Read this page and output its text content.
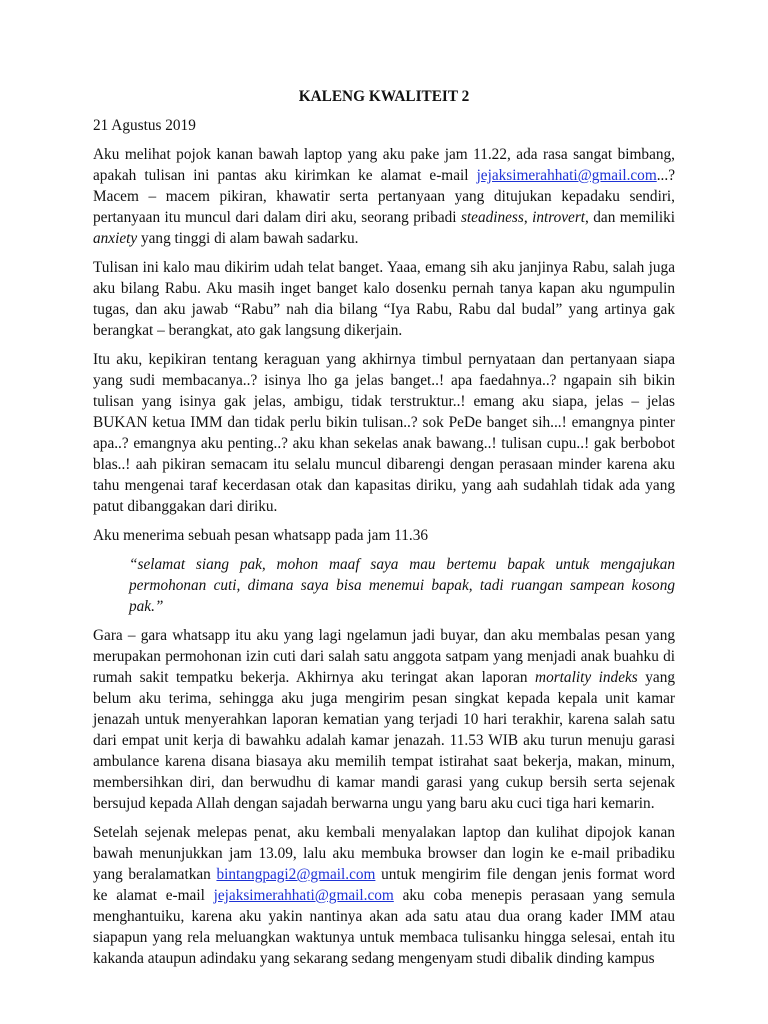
KALENG KWALITEIT 2
21 Agustus 2019

Aku melihat pojok kanan bawah laptop yang aku pake jam 11.22, ada rasa sangat bimbang, apakah tulisan ini pantas aku kirimkan ke alamat e-mail jejaksimerahhati@gmail.com...? Macem – macem pikiran, khawatir serta pertanyaan yang ditujukan kepadaku sendiri, pertanyaan itu muncul dari dalam diri aku, seorang pribadi steadiness, introvert, dan memiliki anxiety yang tinggi di alam bawah sadarku.

Tulisan ini kalo mau dikirim udah telat banget. Yaaa, emang sih aku janjinya Rabu, salah juga aku bilang Rabu. Aku masih inget banget kalo dosenku pernah tanya kapan aku ngumpulin tugas, dan aku jawab “Rabu” nah dia bilang “Iya Rabu, Rabu dal budal” yang artinya gak berangkat – berangkat, ato gak langsung dikerjain.

Itu aku, kepikiran tentang keraguan yang akhirnya timbul pernyataan dan pertanyaan siapa yang sudi membacanya..? isinya lho ga jelas banget..! apa faedahnya..? ngapain sih bikin tulisan yang isinya gak jelas, ambigu, tidak terstruktur..! emang aku siapa, jelas – jelas BUKAN ketua IMM dan tidak perlu bikin tulisan..? sok PeDe banget sih...! emangnya pinter apa..? emangnya aku penting..? aku khan sekelas anak bawang..! tulisan cupu..! gak berbobot blas..! aah pikiran semacam itu selalu muncul dibarengi dengan perasaan minder karena aku tahu mengenai taraf kecerdasan otak dan kapasitas diriku, yang aah sudahlah tidak ada yang patut dibanggakan dari diriku.

Aku menerima sebuah pesan whatsapp pada jam 11.36

“selamat siang pak, mohon maaf saya mau bertemu bapak untuk mengajukan permohonan cuti, dimana saya bisa menemui bapak, tadi ruangan sampean kosong pak.”

Gara – gara whatsapp itu aku yang lagi ngelamun jadi buyar, dan aku membalas pesan yang merupakan permohonan izin cuti dari salah satu anggota satpam yang menjadi anak buahku di rumah sakit tempatku bekerja. Akhirnya aku teringat akan laporan mortality indeks yang belum aku terima, sehingga aku juga mengirim pesan singkat kepada kepala unit kamar jenazah untuk menyerahkan laporan kematian yang terjadi 10 hari terakhir, karena salah satu dari empat unit kerja di bawahku adalah kamar jenazah. 11.53 WIB aku turun menuju garasi ambulance karena disana biasaya aku memilih tempat istirahat saat bekerja, makan, minum, membersihkan diri, dan berwudhu di kamar mandi garasi yang cukup bersih serta sejenak bersujud kepada Allah dengan sajadah berwarna ungu yang baru aku cuci tiga hari kemarin.

Setelah sejenak melepas penat, aku kembali menyalakan laptop dan kulihat dipojok kanan bawah menunjukkan jam 13.09, lalu aku membuka browser dan login ke e-mail pribadiku yang beralamatkan bintangpagi2@gmail.com untuk mengirim file dengan jenis format word ke alamat e-mail jejaksimerahhati@gmail.com aku coba menepis perasaan yang semula menghantuiku, karena aku yakin nantinya akan ada satu atau dua orang kader IMM atau siapapun yang rela meluangkan waktunya untuk membaca tulisanku hingga selesai, entah itu kakanda ataupun adindaku yang sekarang sedang mengenyam studi dibalik dinding kampus
